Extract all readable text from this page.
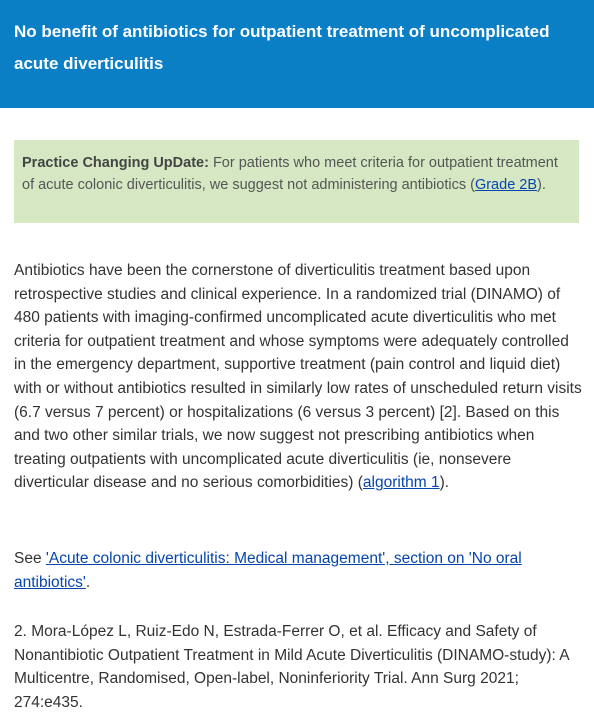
No benefit of antibiotics for outpatient treatment of uncomplicated acute diverticulitis
Practice Changing UpDate: For patients who meet criteria for outpatient treatment of acute colonic diverticulitis, we suggest not administering antibiotics (Grade 2B).

Antibiotics have been the cornerstone of diverticulitis treatment based upon retrospective studies and clinical experience. In a randomized trial (DINAMO) of 480 patients with imaging-confirmed uncomplicated acute diverticulitis who met criteria for outpatient treatment and whose symptoms were adequately controlled in the emergency department, supportive treatment (pain control and liquid diet) with or without antibiotics resulted in similarly low rates of unscheduled return visits (6.7 versus 7 percent) or hospitalizations (6 versus 3 percent) [2]. Based on this and two other similar trials, we now suggest not prescribing antibiotics when treating outpatients with uncomplicated acute diverticulitis (ie, nonsevere diverticular disease and no serious comorbidities) (algorithm 1).

See 'Acute colonic diverticulitis: Medical management', section on 'No oral antibiotics'.

2. Mora-López L, Ruiz-Edo N, Estrada-Ferrer O, et al. Efficacy and Safety of Nonantibiotic Outpatient Treatment in Mild Acute Diverticulitis (DINAMO-study): A Multicentre, Randomised, Open-label, Noninferiority Trial. Ann Surg 2021; 274:e435.
